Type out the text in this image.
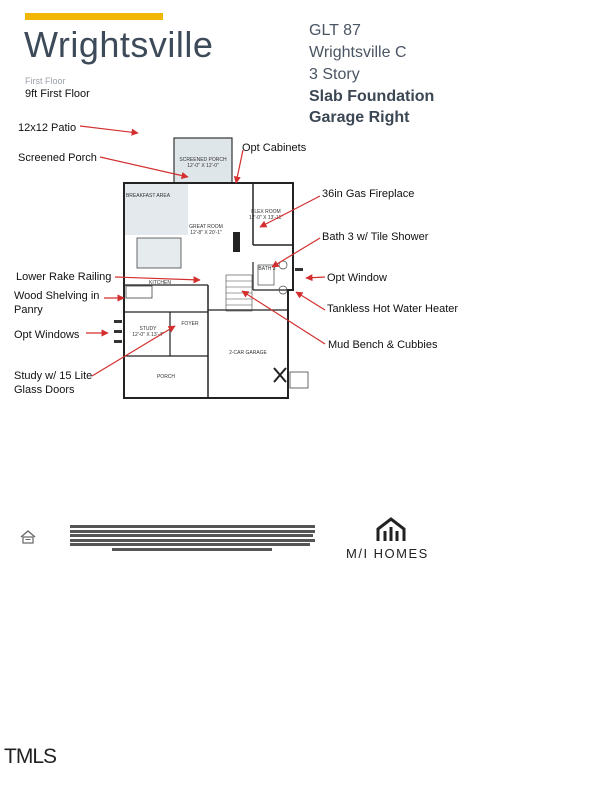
Wrightsville
First Floor
9ft First Floor
GLT 87
Wrightsville C
3 Story
Slab Foundation
Garage Right
12x12 Patio
Screened Porch
Opt Cabinets
36in Gas Fireplace
Bath 3 w/ Tile Shower
Lower Rake Railing	Opt Window
Wood Shelving in
Panry	Tankless Hot Water Heater
Opt Windows
Mud Bench & Cubbies
Study w/ 15 Lite
Glass Doors
SCREENED PORCH
12'-0" X 12'-0"
BREAKFAST AREA
GREAT ROOM
12'-8" X 20'-1"
FLEX ROOM
12'-0" X 13'-11"
BATH 3
KITCHEN
STUDY
12'-0" X 13'-4"
FOYER
2-CAR GARAGE
PORCH
M/I HOMES
TMLS
